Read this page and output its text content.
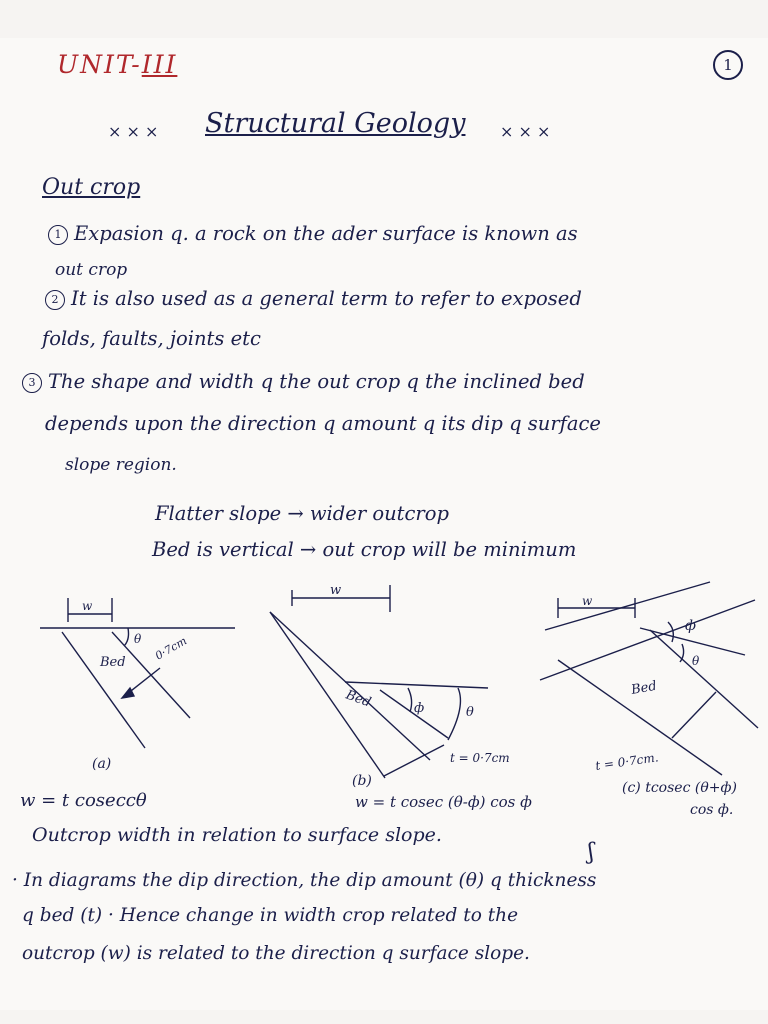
UNIT-III	1
× × × Structural Geology × × ×
Out crop
1 Expasion q. a rock on the ader surface is known as
out crop
2 It is also used as a general term to refer to exposed
folds, faults, joints etc
3 The shape and width q the out crop q the inclined bed
depends upon the direction q amount q its dip q surface
slope region.
Flatter slope → wider outcrop
Bed is vertical → out crop will be minimum
w
θ
Bed 0·7cm
(a)
w
ф	θ
Bed
t = 0·7cm
(b)
w
ф
θ
Bed
t = 0·7cm.
w = t coseccθ	w = t cosec (θ-ф) cos ф
(c) tcosec (θ+ф)
cos ф.
Outcrop width in relation to surface slope.
ʃ
· In diagrams the dip direction, the dip amount (θ) q thickness
q bed (t) · Hence change in width crop related to the
outcrop (w) is related to the direction q surface slope.
